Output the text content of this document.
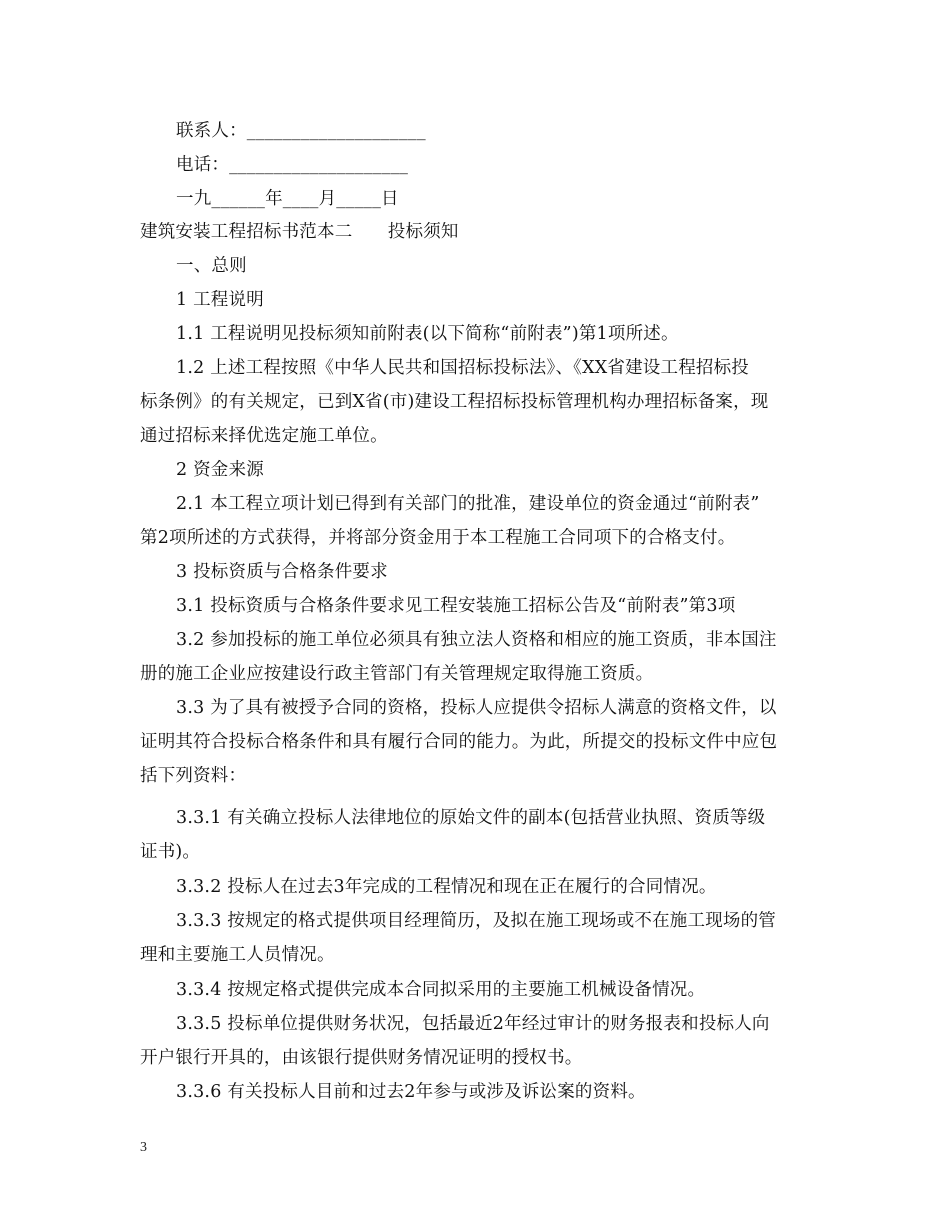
联系人：____________________
电话：____________________
一九______年____月_____日
建筑安装工程招标书范本二　　投标须知
一、总则
1 工程说明
1.1 工程说明见投标须知前附表(以下简称“前附表”)第1项所述。
1.2 上述工程按照《中华人民共和国招标投标法》、《XX省建设工程招标投
标条例》的有关规定，已到X省(市)建设工程招标投标管理机构办理招标备案，现
通过招标来择优选定施工单位。
2 资金来源
2.1 本工程立项计划已得到有关部门的批准，建设单位的资金通过“前附表”
第2项所述的方式获得，并将部分资金用于本工程施工合同项下的合格支付。
3 投标资质与合格条件要求
3.1 投标资质与合格条件要求见工程安装施工招标公告及“前附表”第3项
3.2 参加投标的施工单位必须具有独立法人资格和相应的施工资质，非本国注
册的施工企业应按建设行政主管部门有关管理规定取得施工资质。
3.3 为了具有被授予合同的资格，投标人应提供令招标人满意的资格文件，以
证明其符合投标合格条件和具有履行合同的能力。为此，所提交的投标文件中应包
括下列资料：
3.3.1 有关确立投标人法律地位的原始文件的副本(包括营业执照、资质等级
证书)。
3.3.2 投标人在过去3年完成的工程情况和现在正在履行的合同情况。
3.3.3 按规定的格式提供项目经理简历，及拟在施工现场或不在施工现场的管
理和主要施工人员情况。
3.3.4 按规定格式提供完成本合同拟采用的主要施工机械设备情况。
3.3.5 投标单位提供财务状况，包括最近2年经过审计的财务报表和投标人向
开户银行开具的，由该银行提供财务情况证明的授权书。
3.3.6 有关投标人目前和过去2年参与或涉及诉讼案的资料。
3
